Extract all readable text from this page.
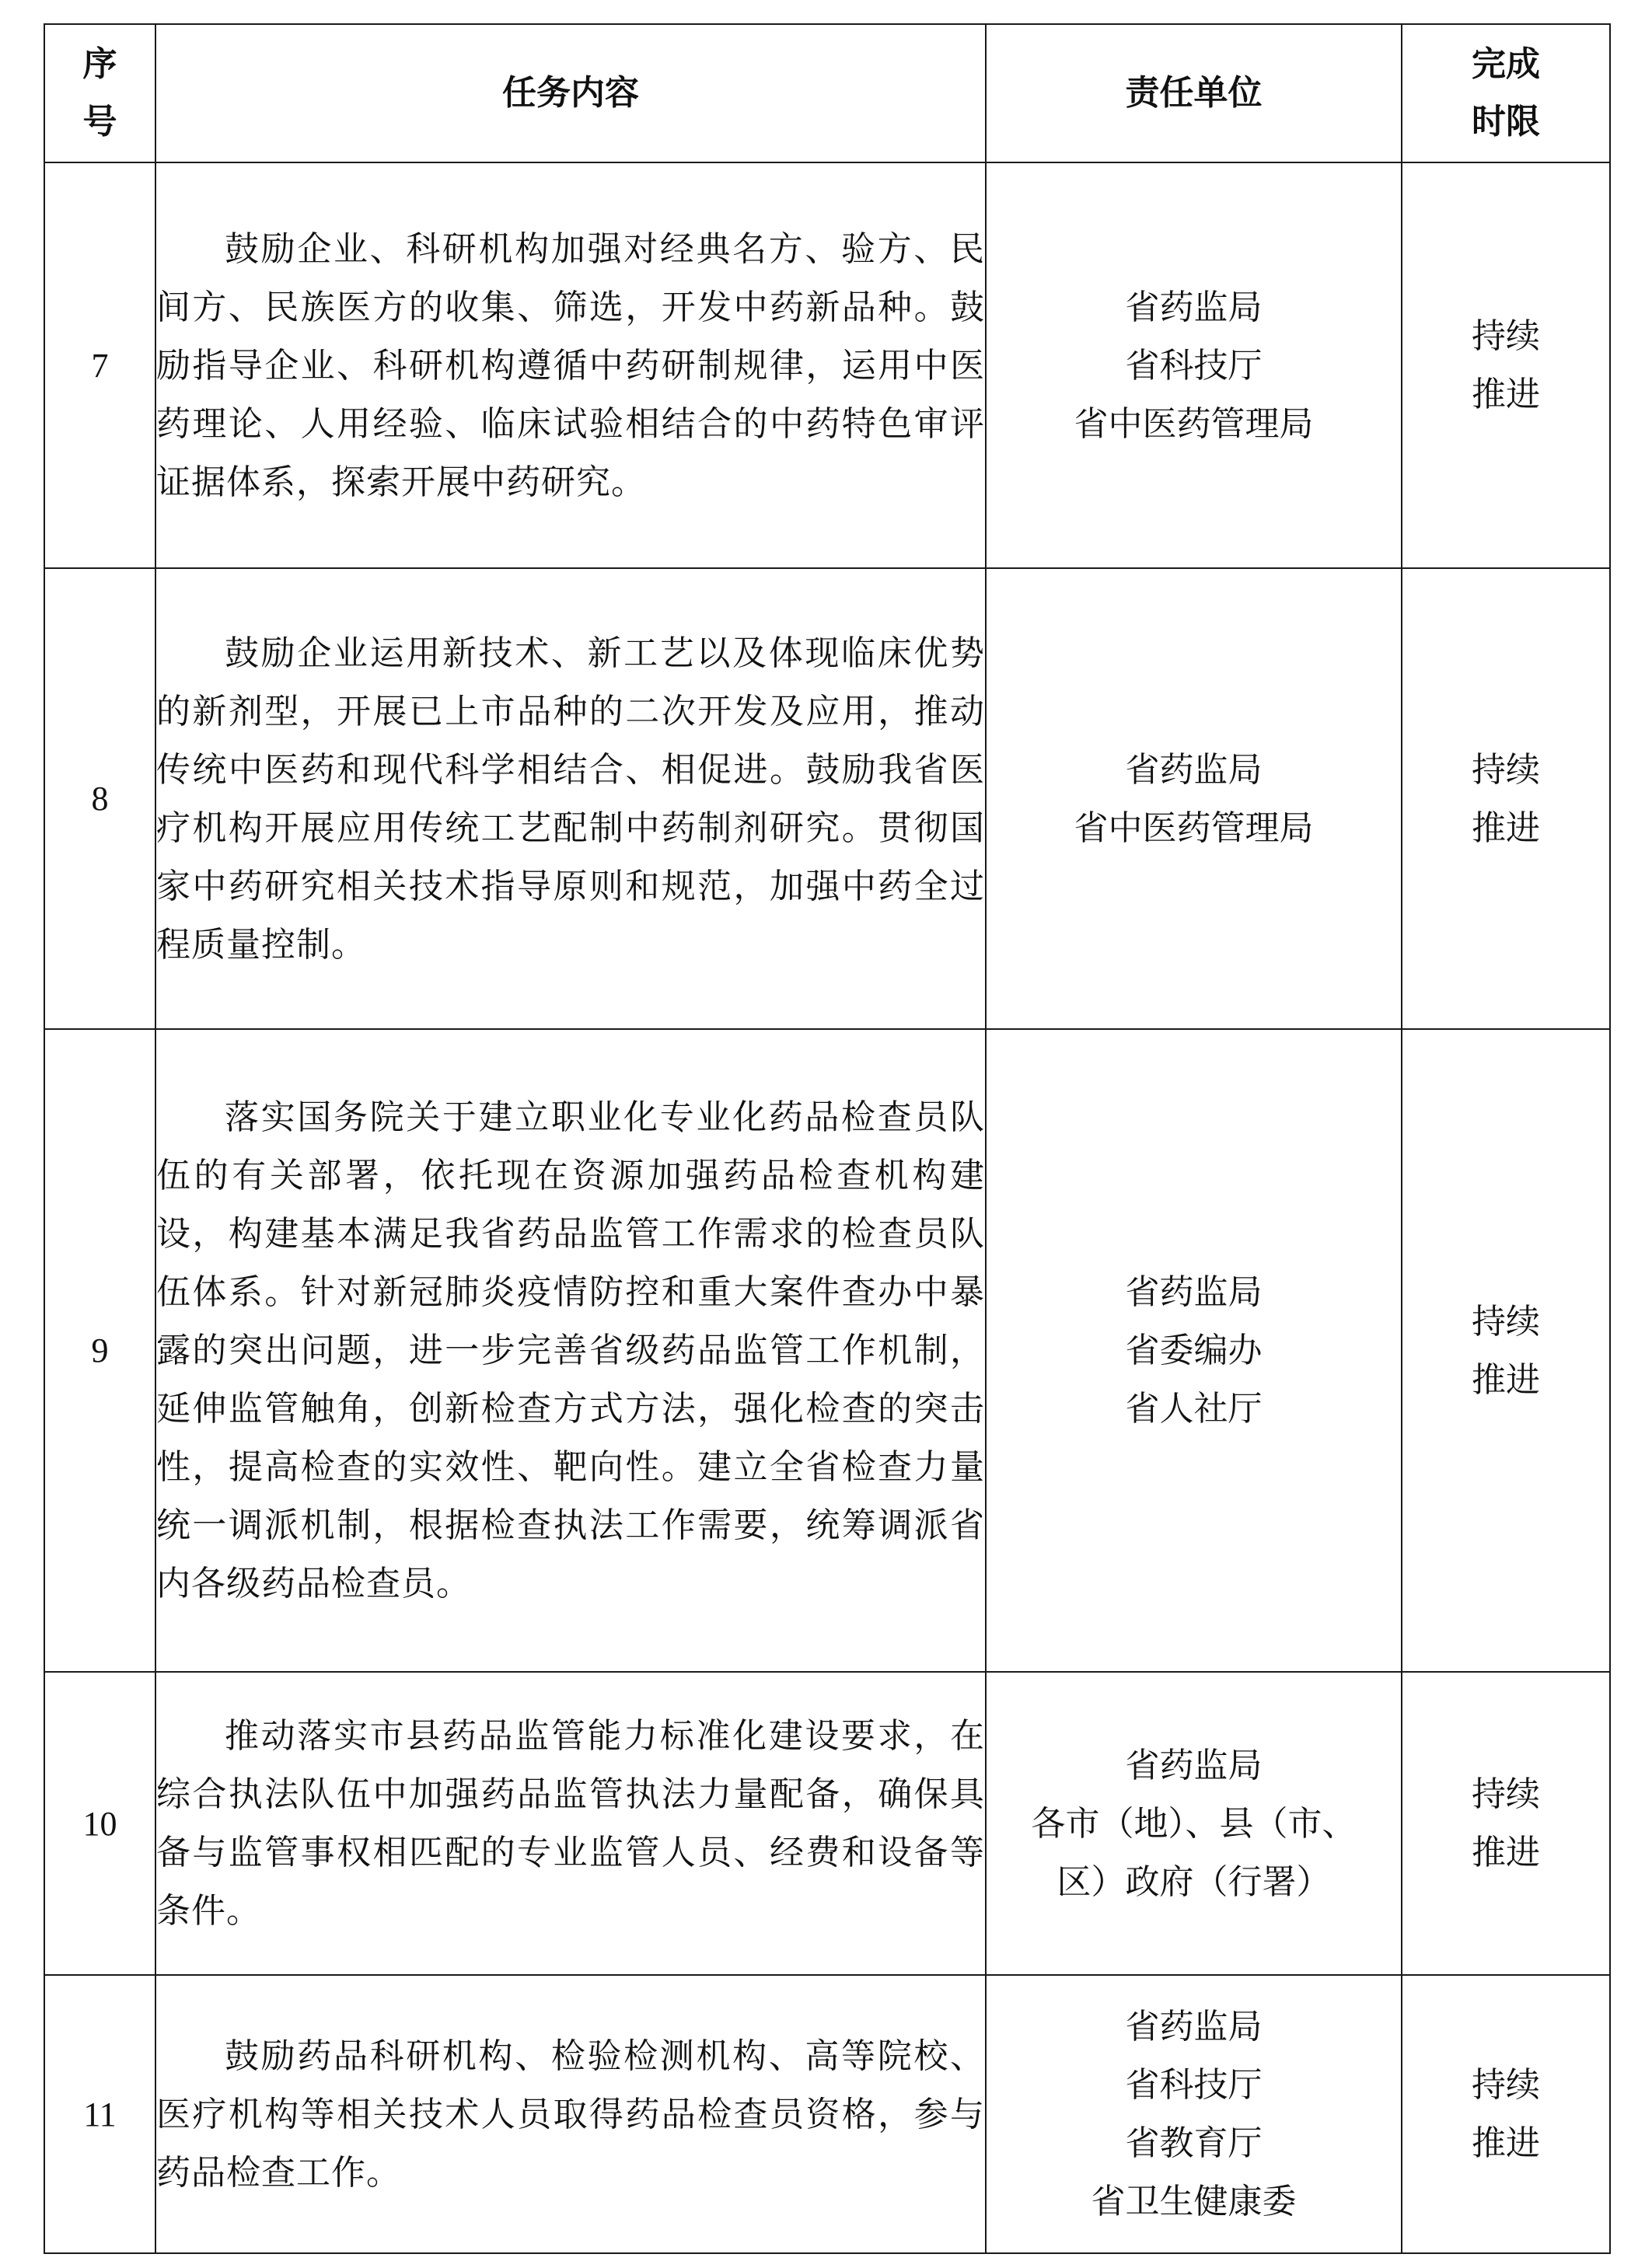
序
号	任务内容	责任单位	完成
时限

7	鼓励企业、科研机构加强对经典名方、验方、民间方、民族医方的收集、筛选，开发中药新品种。鼓励指导企业、科研机构遵循中药研制规律，运用中医药理论、人用经验、临床试验相结合的中药特色审评证据体系，探索开展中药研究。	省药监局
省科技厅
省中医药管理局	持续
推进

8	鼓励企业运用新技术、新工艺以及体现临床优势的新剂型，开展已上市品种的二次开发及应用，推动传统中医药和现代科学相结合、相促进。鼓励我省医疗机构开展应用传统工艺配制中药制剂研究。贯彻国家中药研究相关技术指导原则和规范，加强中药全过程质量控制。	省药监局
省中医药管理局	持续
推进

9	落实国务院关于建立职业化专业化药品检查员队伍的有关部署，依托现在资源加强药品检查机构建设，构建基本满足我省药品监管工作需求的检查员队伍体系。针对新冠肺炎疫情防控和重大案件查办中暴露的突出问题，进一步完善省级药品监管工作机制，延伸监管触角，创新检查方式方法，强化检查的突击性，提高检查的实效性、靶向性。建立全省检查力量统一调派机制，根据检查执法工作需要，统筹调派省内各级药品检查员。	省药监局
省委编办
省人社厅	持续
推进

10	推动落实市县药品监管能力标准化建设要求，在综合执法队伍中加强药品监管执法力量配备，确保具备与监管事权相匹配的专业监管人员、经费和设备等条件。	省药监局
各市（地）、县（市、
区）政府（行署）	持续
推进

11	鼓励药品科研机构、检验检测机构、高等院校、医疗机构等相关技术人员取得药品检查员资格，参与药品检查工作。	省药监局
省科技厅
省教育厅
省卫生健康委	持续
推进
